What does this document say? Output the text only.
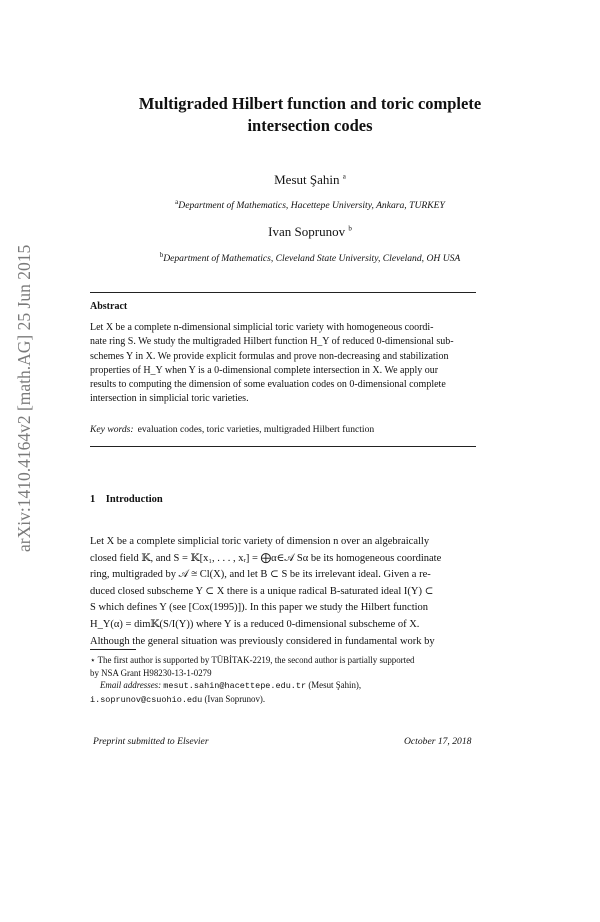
Multigraded Hilbert function and toric complete
intersection codes
Mesut Şahin $^a$
$^a$Department of Mathematics, Hacettepe University, Ankara, TURKEY
Ivan Soprunov $^b$
$^b$Department of Mathematics, Cleveland State University, Cleveland, OH USA
arXiv:1410.4164v2 [math.AG] 25 Jun 2015	Abstract
Let X be a complete n-dimensional simplicial toric variety with homogeneous coordi-
nate ring S. We study the multigraded Hilbert function H_Y of reduced 0-dimensional sub-
schemes Y in X. We provide explicit formulas and prove non-decreasing and stabilization
properties of H_Y when Y is a 0-dimensional complete intersection in X. We apply our
results to computing the dimension of some evaluation codes on 0-dimensional complete
intersection in simplicial toric varieties.
Key words: evaluation codes, toric varieties, multigraded Hilbert function
1 Introduction
Let X be a complete simplicial toric variety of dimension n over an algebraically
closed field 𝕂, and S = 𝕂[x₁, . . . , xᵣ] = ⨁α∈𝒜 Sα be its homogeneous coordinate
ring, multigraded by 𝒜 ≅ Cl(X), and let B ⊂ S be its irrelevant ideal. Given a re-
duced closed subscheme Y ⊂ X there is a unique radical B-saturated ideal I(Y) ⊂
S which defines Y (see [Cox(1995)]). In this paper we study the Hilbert function
H_Y(α) = dim𝕂(S/I(Y)) where Y is a reduced 0-dimensional subscheme of X.
Although the general situation was previously considered in fundamental work by
⋆ The first author is supported by TÜBİTAK-2219, the second author is partially supported
by NSA Grant H98230-13-1-0279
Email addresses: mesut.sahin@hacettepe.edu.tr (Mesut Şahin),
i.soprunov@csuohio.edu (Ivan Soprunov).
Preprint submitted to Elsevier	October 17, 2018
